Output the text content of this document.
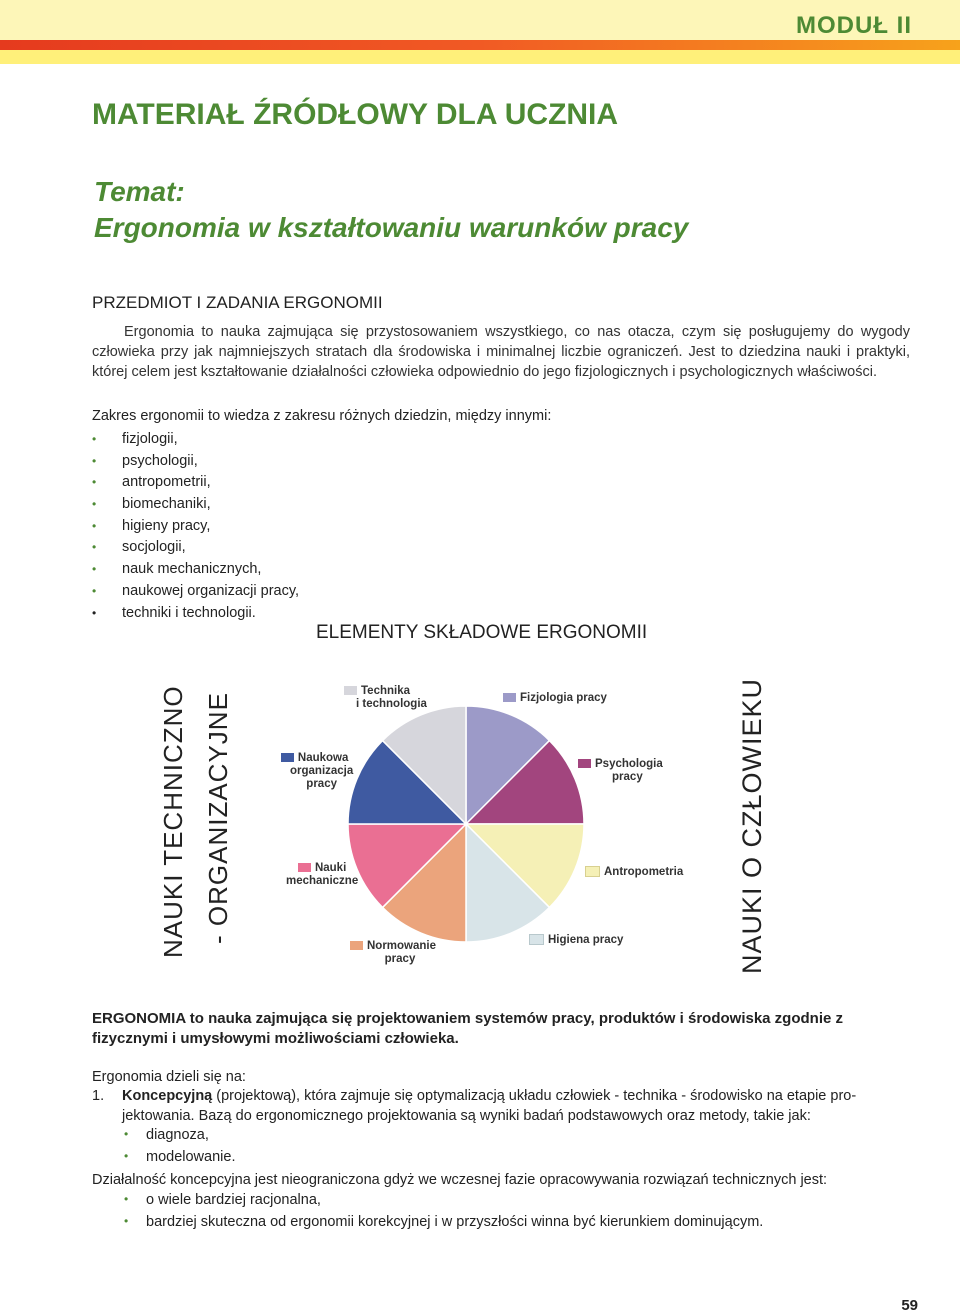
MODUŁ II
MATERIAŁ ŹRÓDŁOWY DLA UCZNIA
Temat:
Ergonomia w kształtowaniu warunków pracy
PRZEDMIOT I ZADANIA ERGONOMII
Ergonomia to nauka zajmująca się przystosowaniem wszystkiego, co nas otacza, czym się posługujemy do wygody człowieka przy jak najmniejszych stratach dla środowiska i minimalnej liczbie ograniczeń. Jest to dziedzina nauki i praktyki, której celem jest kształtowanie działalności człowieka odpowiednio do jego fizjologicznych i psychologicznych właściwości.
Zakres ergonomii to wiedza z zakresu różnych dziedzin, między innymi:
• fizjologii,
• psychologii,
• antropometrii,
• biomechaniki,
• higieny pracy,
• socjologii,
• nauk mechanicznych,
• naukowej organizacji pracy,
• techniki i technologii.
ELEMENTY SKŁADOWE ERGONOMII
NAUKI TECHNICZNO - ORGANIZACYJNE	NAUKI O CZŁOWIEKU
Technika
i technologia	Fizjologia pracy
Naukowa
organizacja
pracy
Psychologia
pracy
Nauki
mechaniczne
Antropometria
Normowanie
pracy
Higiena pracy
ERGONOMIA to nauka zajmująca się projektowaniem systemów pracy, produktów i środowiska zgodnie z fizycznymi i umysłowymi możliwościami człowieka.
Ergonomia dzieli się na:
1.	Koncepcyjną (projektową), która zajmuje się optymalizacją układu człowiek - technika - środowisko na etapie pro-
jektowania. Bazą do ergonomicznego projektowania są wyniki badań podstawowych oraz metody, takie jak:
• diagnoza,
• modelowanie.
Działalność koncepcyjna jest nieograniczona gdyż we wczesnej fazie opracowywania rozwiązań technicznych jest:
• o wiele bardziej racjonalna,
• bardziej skuteczna od ergonomii korekcyjnej i w przyszłości winna być kierunkiem dominującym.
59
